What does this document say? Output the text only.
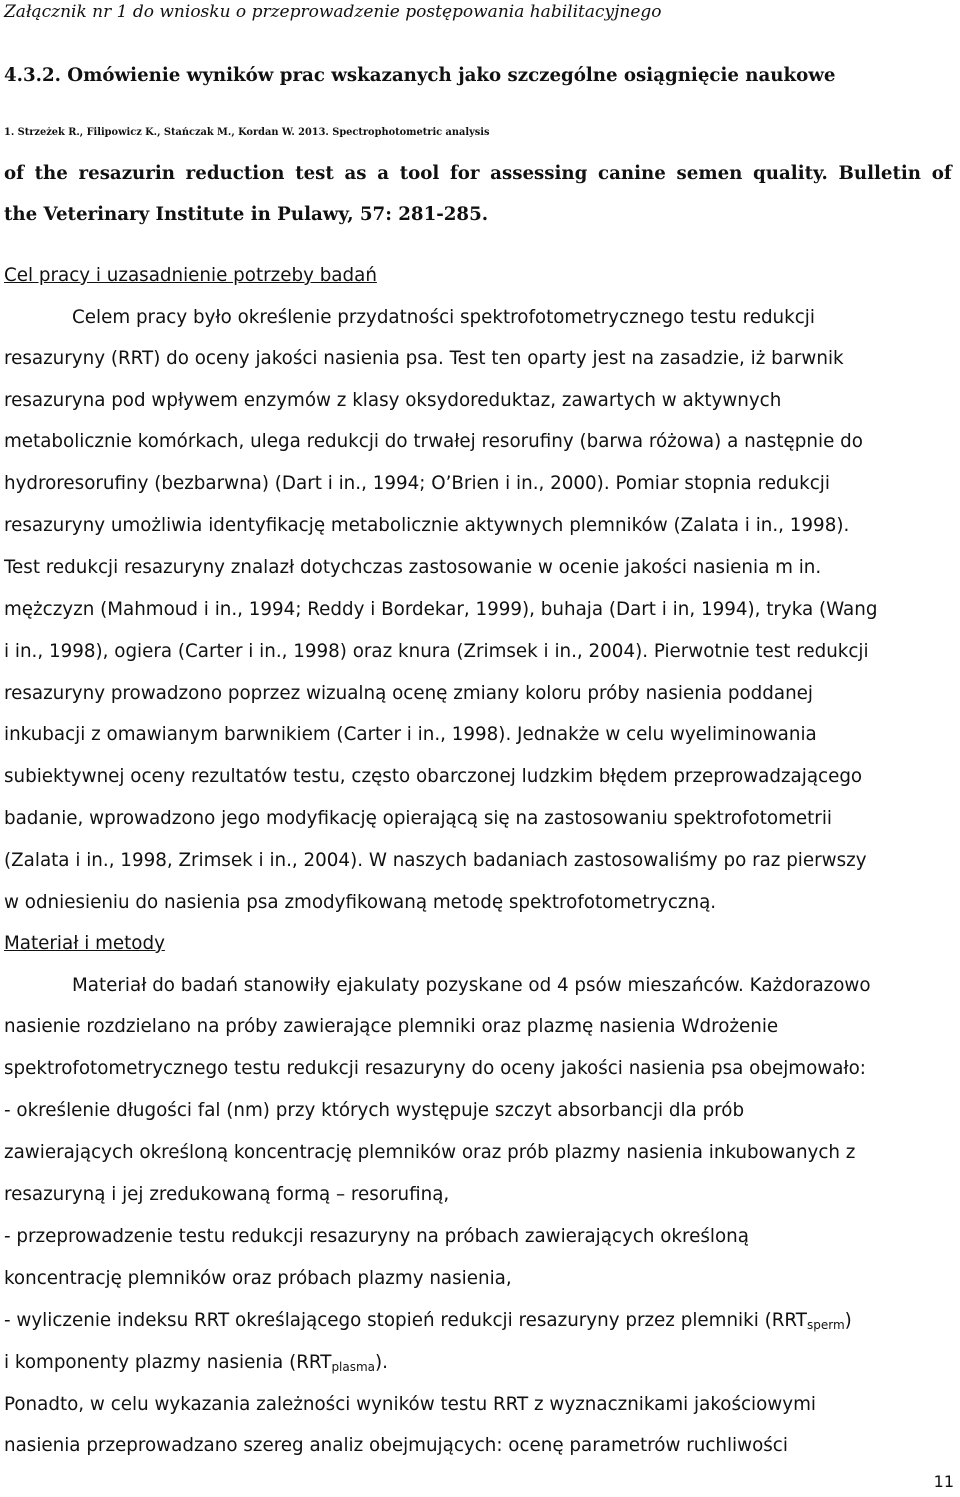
Załącznik nr 1 do wniosku o przeprowadzenie postępowania habilitacyjnego
4.3.2. Omówienie wyników prac wskazanych jako szczególne osiągnięcie naukowe
1. Strzeżek R., Filipowicz K., Stańczak M., Kordan W. 2013. Spectrophotometric analysis
of the resazurin reduction test as a tool for assessing canine semen quality. Bulletin of
the Veterinary Institute in Pulawy, 57: 281-285.
Cel pracy i uzasadnienie potrzeby badań
Celem pracy było określenie przydatności spektrofotometrycznego testu redukcji
resazuryny (RRT) do oceny jakości nasienia psa. Test ten oparty jest na zasadzie, iż barwnik
resazuryna pod wpływem enzymów z klasy oksydoreduktaz, zawartych w aktywnych
metabolicznie komórkach, ulega redukcji do trwałej resorufiny (barwa różowa) a następnie do
hydroresorufiny (bezbarwna) (Dart i in., 1994; O’Brien i in., 2000). Pomiar stopnia redukcji
resazuryny umożliwia identyfikację metabolicznie aktywnych plemników (Zalata i in., 1998).
Test redukcji resazuryny znalazł dotychczas zastosowanie w ocenie jakości nasienia m in.
mężczyzn (Mahmoud i in., 1994; Reddy i Bordekar, 1999), buhaja (Dart i in, 1994), tryka (Wang
i in., 1998), ogiera (Carter i in., 1998) oraz knura (Zrimsek i in., 2004). Pierwotnie test redukcji
resazuryny prowadzono poprzez wizualną ocenę zmiany koloru próby nasienia poddanej
inkubacji z omawianym barwnikiem (Carter i in., 1998). Jednakże w celu wyeliminowania
subiektywnej oceny rezultatów testu, często obarczonej ludzkim błędem przeprowadzającego
badanie, wprowadzono jego modyfikację opierającą się na zastosowaniu spektrofotometrii
(Zalata i in., 1998, Zrimsek i in., 2004). W naszych badaniach zastosowaliśmy po raz pierwszy
w odniesieniu do nasienia psa zmodyfikowaną metodę spektrofotometryczną.
Materiał i metody
Materiał do badań stanowiły ejakulaty pozyskane od 4 psów mieszańców. Każdorazowo
nasienie rozdzielano na próby zawierające plemniki oraz plazmę nasienia Wdrożenie
spektrofotometrycznego testu redukcji resazuryny do oceny jakości nasienia psa obejmowało:
- określenie długości fal (nm) przy których występuje szczyt absorbancji dla prób
zawierających określoną koncentrację plemników oraz prób plazmy nasienia inkubowanych z
resazuryną i jej zredukowaną formą – resorufiną,
- przeprowadzenie testu redukcji resazuryny na próbach zawierających określoną
koncentrację plemników oraz próbach plazmy nasienia,
- wyliczenie indeksu RRT określającego stopień redukcji resazuryny przez plemniki $(RRT_{sperm})$
i komponenty plazmy nasienia $(RRT_{plasma})$.
Ponadto, w celu wykazania zależności wyników testu RRT z wyznacznikami jakościowymi
nasienia przeprowadzano szereg analiz obejmujących: ocenę parametrów ruchliwości
11
